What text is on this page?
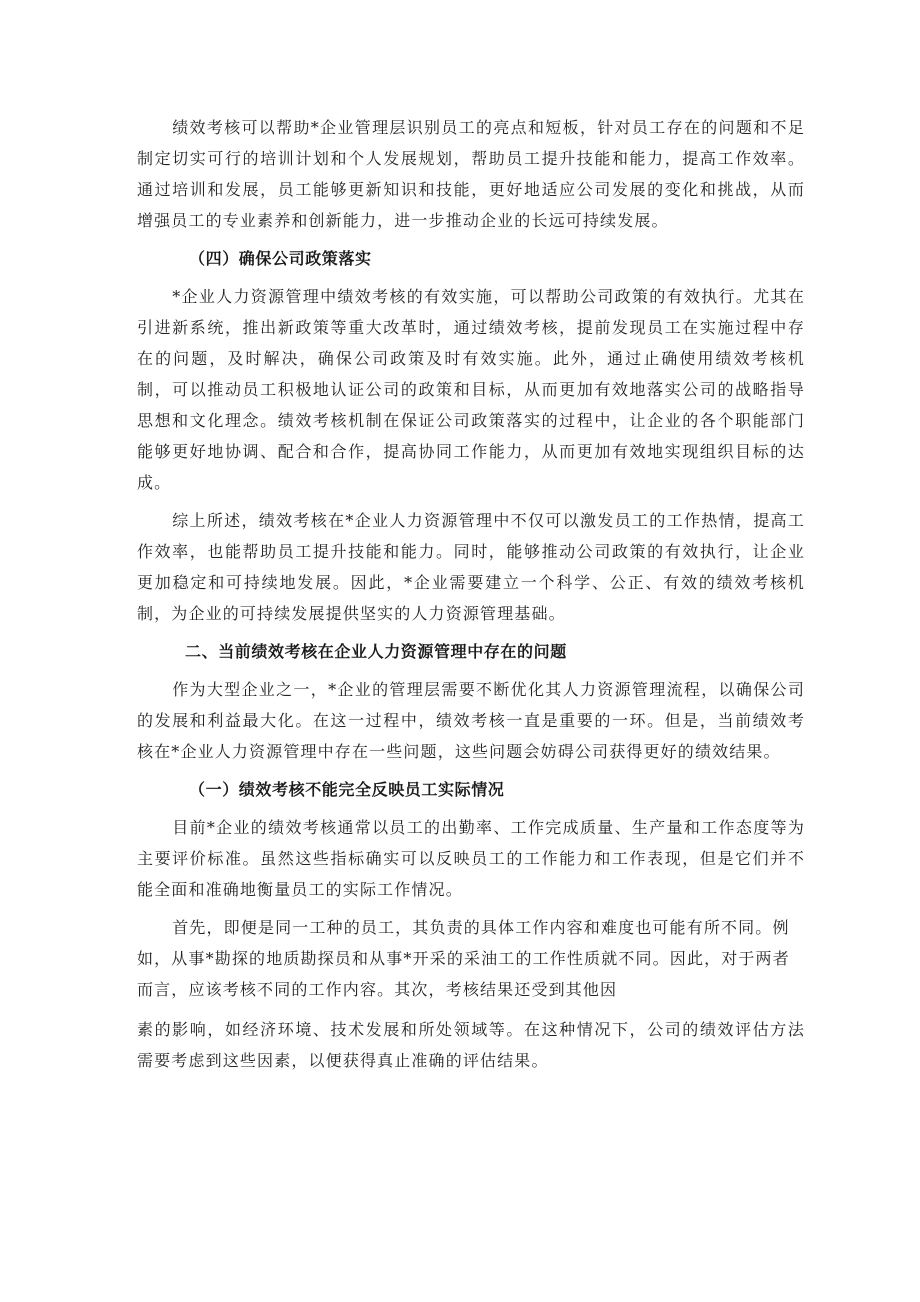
绩效考核可以帮助*企业管理层识别员工的亮点和短板，针对员工存在的问题和不足制定切实可行的培训计划和个人发展规划，帮助员工提升技能和能力，提高工作效率。通过培训和发展，员工能够更新知识和技能，更好地适应公司发展的变化和挑战，从而增强员工的专业素养和创新能力，进一步推动企业的长远可持续发展。

（四）确保公司政策落实

*企业人力资源管理中绩效考核的有效实施，可以帮助公司政策的有效执行。尤其在引进新系统，推出新政策等重大改革时，通过绩效考核，提前发现员工在实施过程中存在的问题，及时解决，确保公司政策及时有效实施。此外，通过止确使用绩效考核机制，可以推动员工积极地认证公司的政策和目标，从而更加有效地落实公司的战略指导思想和文化理念。绩效考核机制在保证公司政策落实的过程中，让企业的各个职能部门能够更好地协调、配合和合作，提高协同工作能力，从而更加有效地实现组织目标的达成。

综上所述，绩效考核在*企业人力资源管理中不仅可以激发员工的工作热情，提高工作效率，也能帮助员工提升技能和能力。同时，能够推动公司政策的有效执行，让企业更加稳定和可持续地发展。因此，*企业需要建立一个科学、公正、有效的绩效考核机制，为企业的可持续发展提供坚实的人力资源管理基础。

二、当前绩效考核在企业人力资源管理中存在的问题

作为大型企业之一，*企业的管理层需要不断优化其人力资源管理流程，以确保公司的发展和利益最大化。在这一过程中，绩效考核一直是重要的一环。但是，当前绩效考核在*企业人力资源管理中存在一些问题，这些问题会妨碍公司获得更好的绩效结果。

（一）绩效考核不能完全反映员工实际情况

目前*企业的绩效考核通常以员工的出勤率、工作完成质量、生产量和工作态度等为主要评价标准。虽然这些指标确实可以反映员工的工作能力和工作表现，但是它们并不能全面和准确地衡量员工的实际工作情况。

首先，即便是同一工种的员工，其负责的具体工作内容和难度也可能有所不同。例如，从事*勘探的地质勘探员和从事*开采的采油工的工作性质就不同。因此，对于两者而言，应该考核不同的工作内容。其次，考核结果还受到其他因

素的影响，如经济环境、技术发展和所处领域等。在这种情况下，公司的绩效评估方法需要考虑到这些因素，以便获得真止准确的评估结果。
